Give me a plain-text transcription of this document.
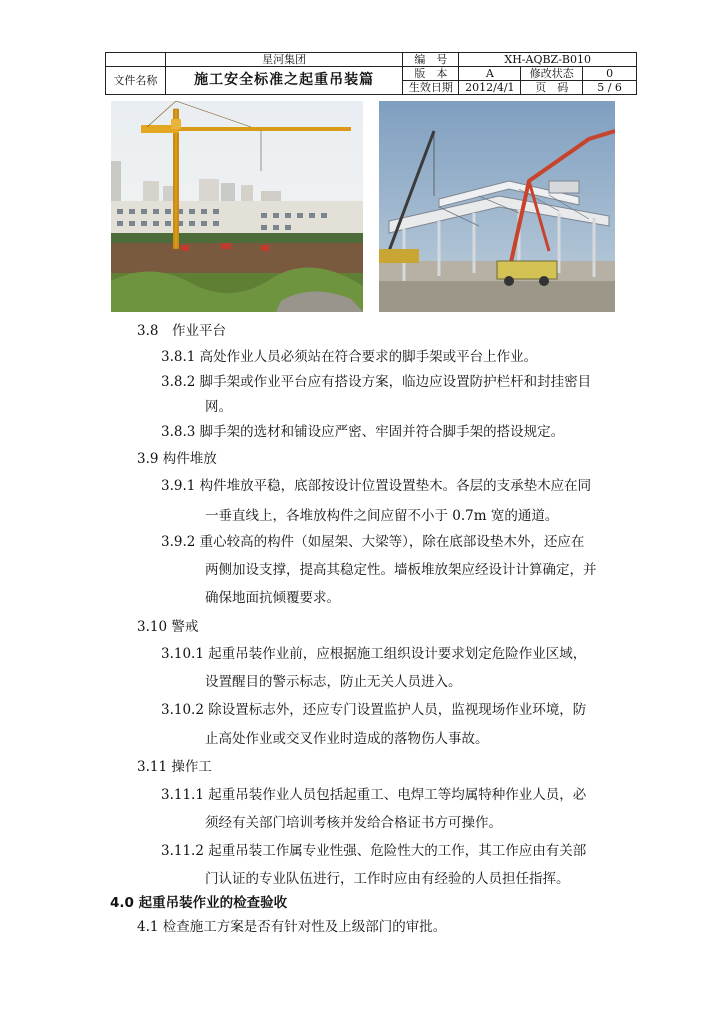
	星河集团	编　号	XH-AQBZ-B010		
文件名称	施工安全标准之起重吊装篇	版　本	A	修改状态	0
		生效日期	2012/4/1	页　码	5 / 6
3.8　作业平台
3.8.1 高处作业人员必须站在符合要求的脚手架或平台上作业。
3.8.2 脚手架或作业平台应有搭设方案，临边应设置防护栏杆和封挂密目
网。
3.8.3 脚手架的选材和铺设应严密、牢固并符合脚手架的搭设规定。
3.9 构件堆放
3.9.1 构件堆放平稳，底部按设计位置设置垫木。各层的支承垫木应在同
一垂直线上，各堆放构件之间应留不小于 0.7m 宽的通道。
3.9.2 重心较高的构件（如屋架、大梁等），除在底部设垫木外，还应在
两侧加设支撑，提高其稳定性。墙板堆放架应经设计计算确定，并
确保地面抗倾覆要求。
3.10 警戒
3.10.1 起重吊装作业前，应根据施工组织设计要求划定危险作业区域，
设置醒目的警示标志，防止无关人员进入。
3.10.2 除设置标志外，还应专门设置监护人员，监视现场作业环境，防
止高处作业或交叉作业时造成的落物伤人事故。
3.11 操作工
3.11.1 起重吊装作业人员包括起重工、电焊工等均属特种作业人员，必
须经有关部门培训考核并发给合格证书方可操作。
3.11.2 起重吊装工作属专业性强、危险性大的工作，其工作应由有关部
门认证的专业队伍进行，工作时应由有经验的人员担任指挥。
4.0 起重吊装作业的检查验收
4.1 检查施工方案是否有针对性及上级部门的审批。
